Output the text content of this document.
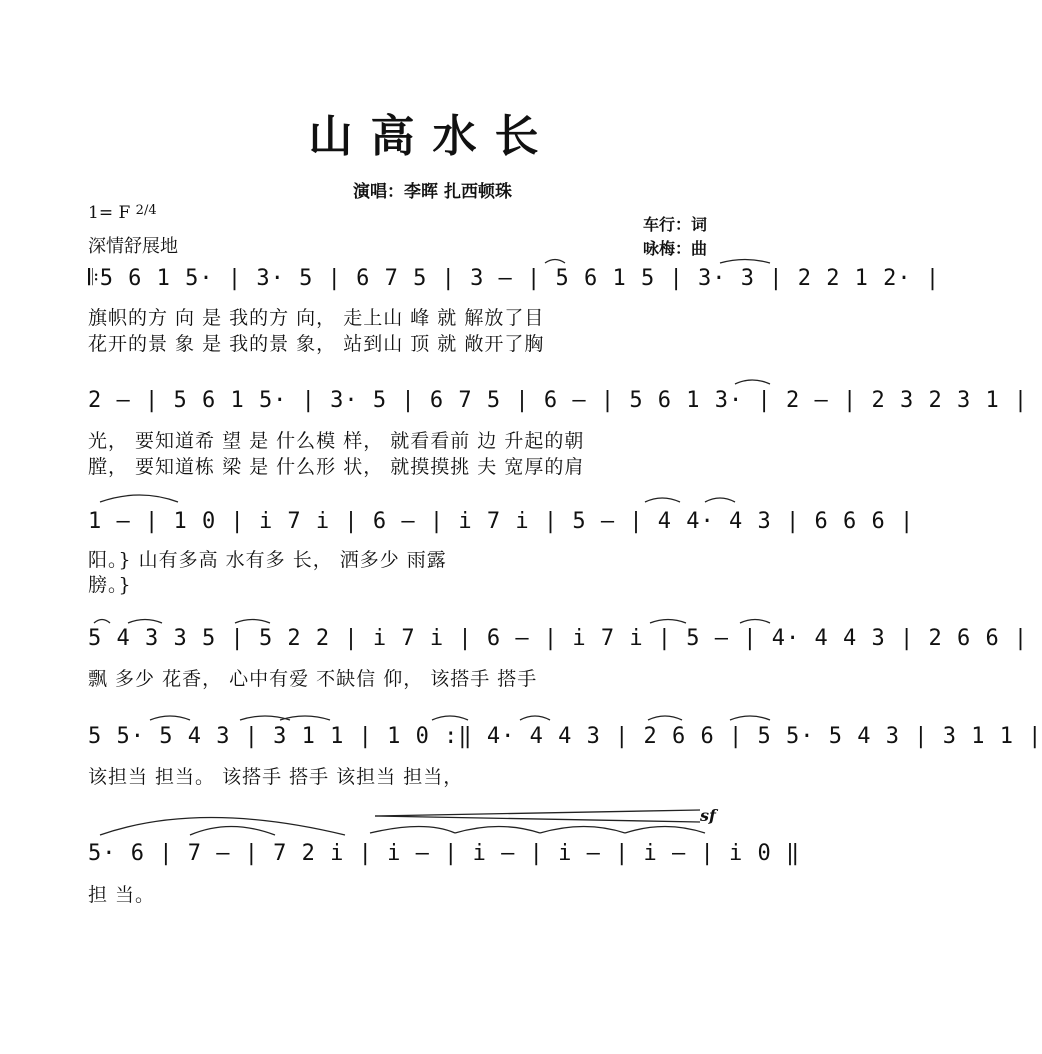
山高水长
演唱：李晖 扎西顿珠
1= F $^{2/4}$
深情舒展地
车行：词
咏梅：曲
𝄆5 6 1 5· | 3· 5 | 6 7 5 | 3 — | 5 6 1 5 | 3· 3 | 2 2 1 2· |
旗帜的方 向 是 我的方 向， 走上山 峰 就 解放了目
花开的景 象 是 我的景 象， 站到山 顶 就 敞开了胸
2 — | 5 6 1 5· | 3· 5 | 6 7 5 | 6 — | 5 6 1 3· | 2 — | 2 3 2 3 1 |
光， 要知道希 望 是 什么模 样， 就看看前 边 升起的朝
膛， 要知道栋 梁 是 什么形 状， 就摸摸挑 夫 宽厚的肩
1 — | 1 0 | i 7 i | 6 — | i 7 i | 5 — | 4 4· 4 3 | 6 6 6 |
阳。} 山有多高 水有多 长， 洒多少 雨露
膀。}
5 4 3 3 5 | 5 2 2 | i 7 i | 6 — | i 7 i | 5 — | 4· 4 4 3 | 2 6 6 |
飘 多少 花香， 心中有爱 不缺信 仰， 该搭手 搭手
5 5· 5 4 3 | 3 1 1 | 1 0 :‖ 4· 4 4 3 | 2 6 6 | 5 5· 5 4 3 | 3 1 1 |
该担当 担当。 该搭手 搭手 该担当 担当，
5· 6 | 7 — | 7 2 i | i — | i — | i — | i — | i 0 ‖
担 当。
sf
